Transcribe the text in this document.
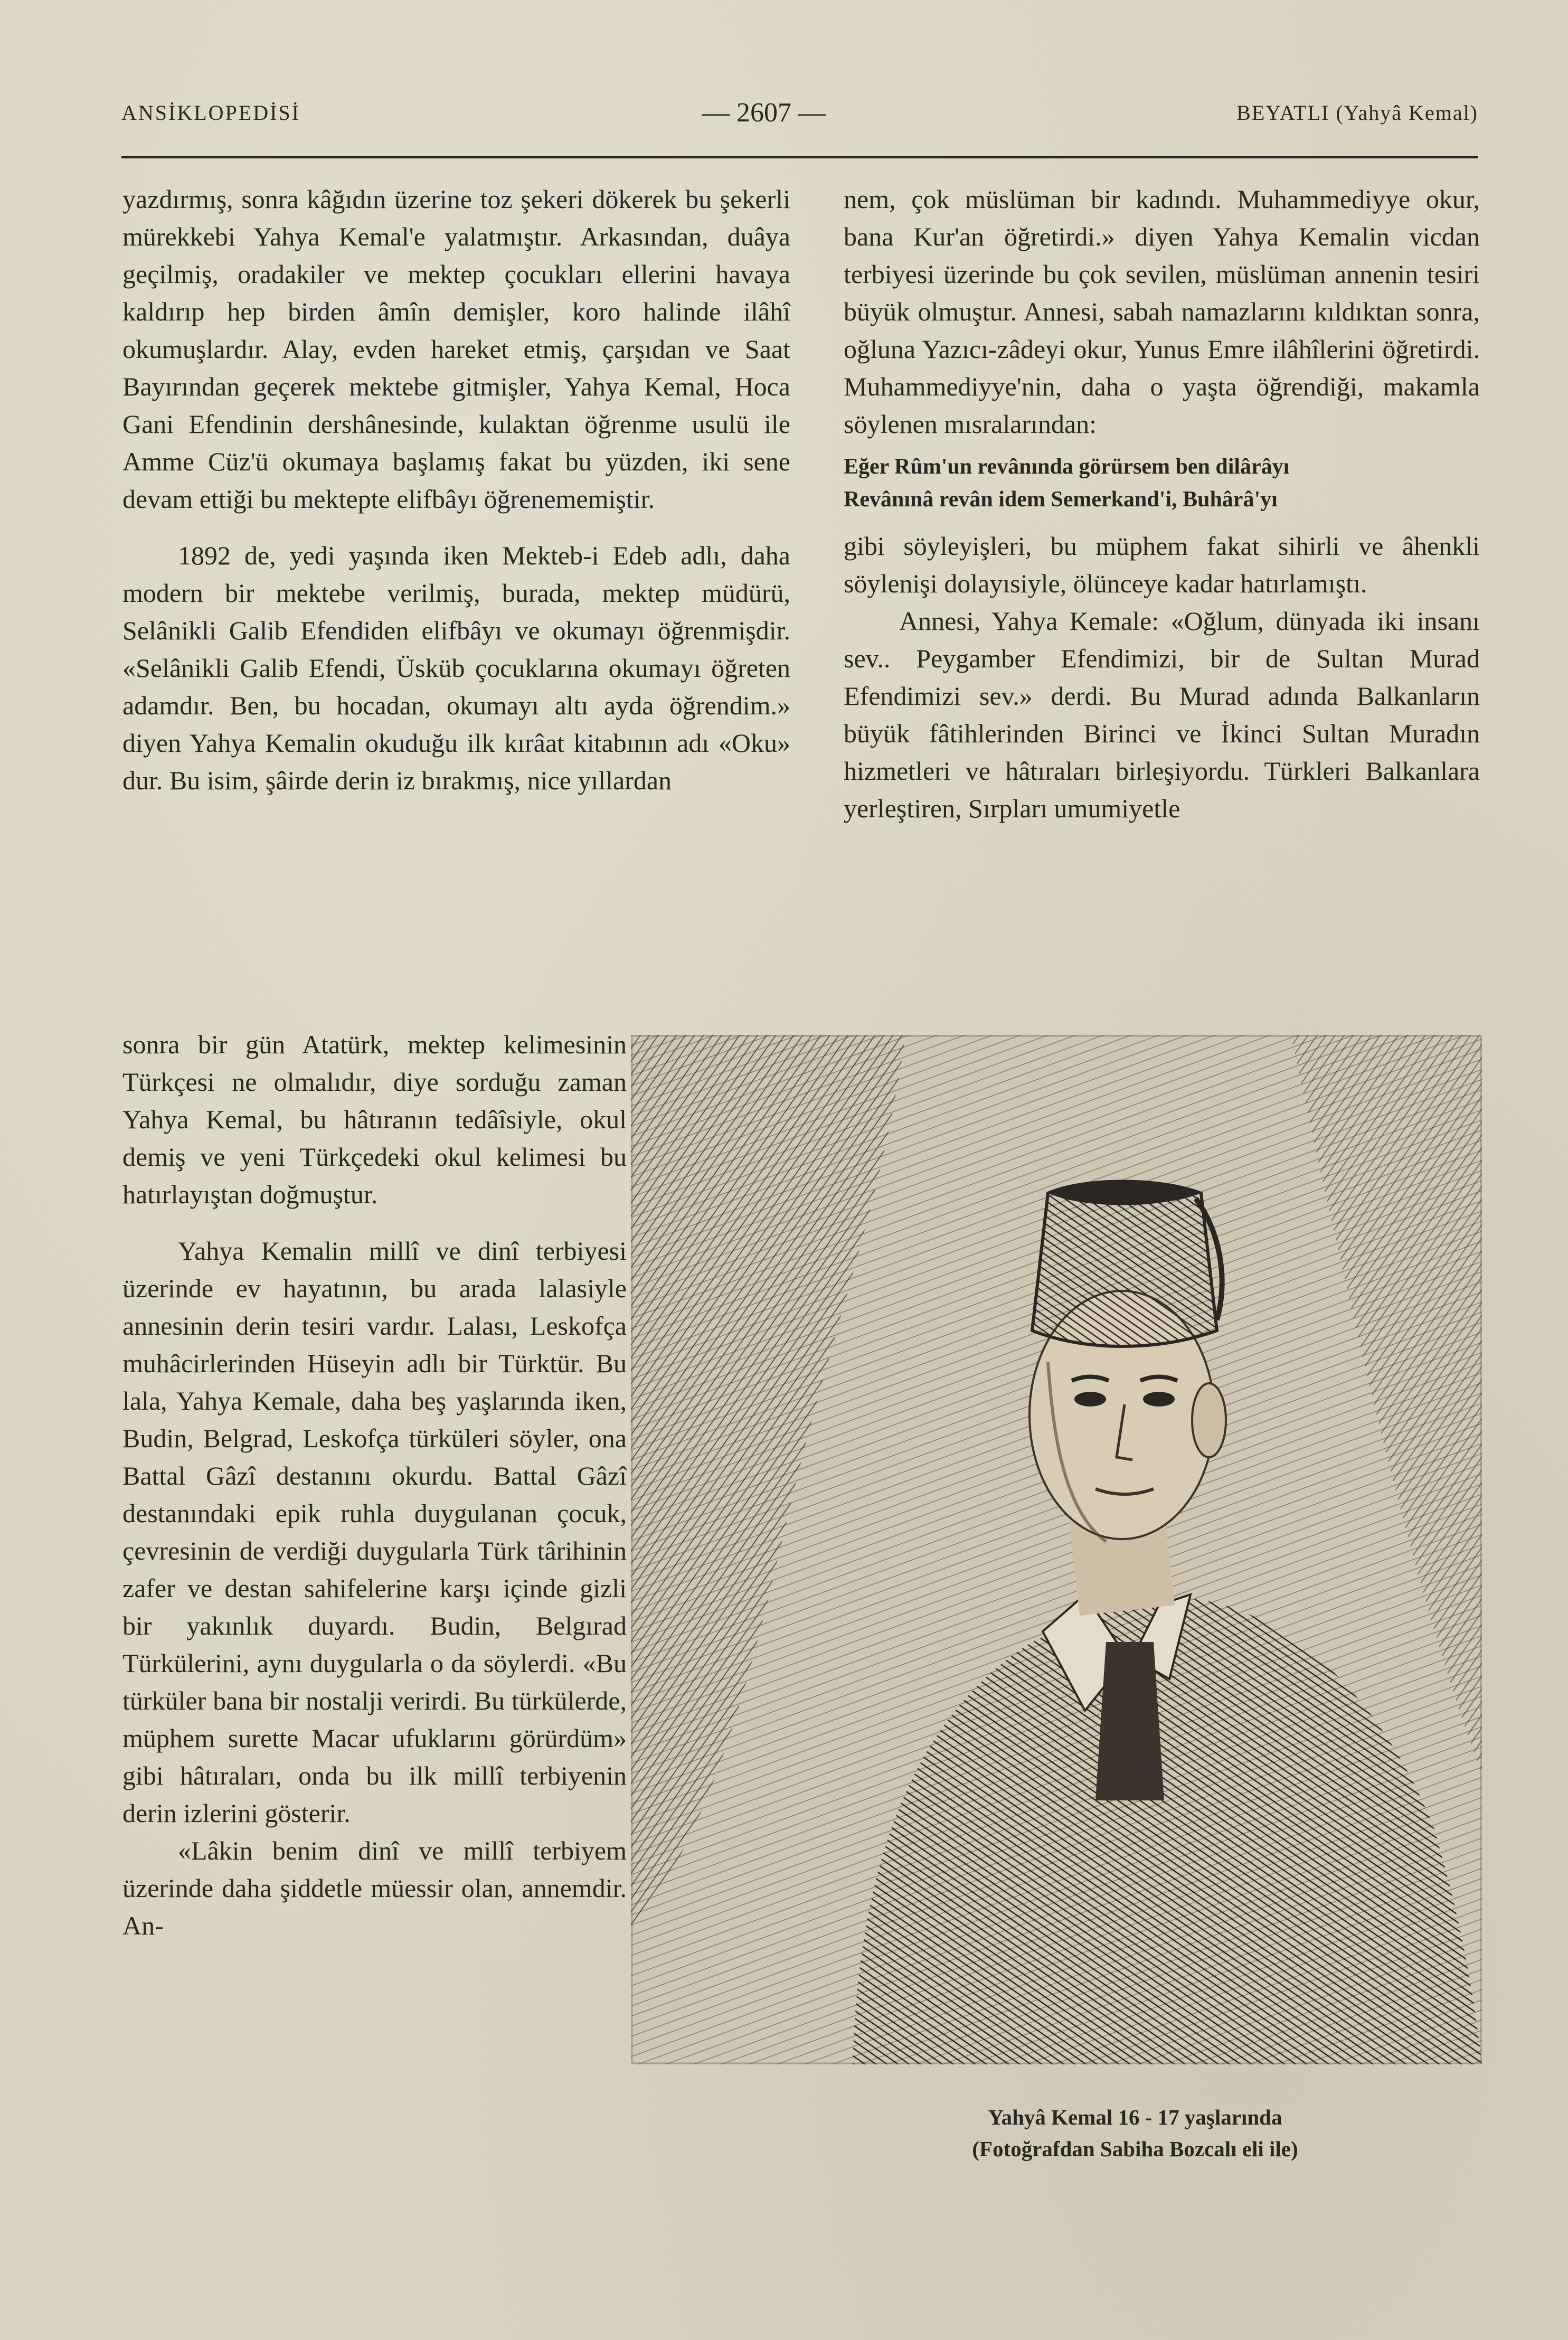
ANSİKLOPEDİSİ	— 2607 —	BEYATLI (Yahyâ Kemal)

yazdırmış, sonra kâğıdın üzerine toz şekeri dökerek bu şekerli mürekkebi Yahya Kemal'e yalatmıştır. Arkasından, duâya geçilmiş, oradakiler ve mektep çocukları ellerini havaya kaldırıp hep birden âmîn demişler, koro halinde ilâhî okumuşlardır. Alay, evden hareket etmiş, çarşıdan ve Saat Bayırından geçerek mektebe gitmişler, Yahya Kemal, Hoca Gani Efendinin dershânesinde, kulaktan öğrenme usulü ile Amme Cüz'ü okumaya başlamış fakat bu yüzden, iki sene devam ettiği bu mektepte elifbâyı öğrenememiştir.

1892 de, yedi yaşında iken Mekteb-i Edeb adlı, daha modern bir mektebe verilmiş, burada, mektep müdürü, Selânikli Galib Efendiden elifbâyı ve okumayı öğrenmişdir. «Selânikli Galib Efendi, Üsküb çocuklarına okumayı öğreten adamdır. Ben, bu hocadan, okumayı altı ayda öğrendim.» diyen Yahya Kemalin okuduğu ilk kırâat kitabının adı «Oku» dur. Bu isim, şâirde derin iz bırakmış, nice yıllardan

sonra bir gün Atatürk, mektep kelimesinin Türkçesi ne olmalıdır, diye sorduğu zaman Yahya Kemal, bu hâtıranın tedâîsiyle, okul demiş ve yeni Türkçedeki okul kelimesi bu hatırlayıştan doğmuştur.

Yahya Kemalin millî ve dinî terbiyesi üzerinde ev hayatının, bu arada lalasiyle annesinin derin tesiri vardır. Lalası, Leskofça muhâcirlerinden Hüseyin adlı bir Türktür. Bu lala, Yahya Kemale, daha beş yaşlarında iken, Budin, Belgrad, Leskofça türküleri söyler, ona Battal Gâzî destanını okurdu. Battal Gâzî destanındaki epik ruhla duygulanan çocuk, çevresinin de verdiği duygularla Türk târihinin zafer ve destan sahifelerine karşı içinde gizli bir yakınlık duyardı. Budin, Belgırad Türkülerini, aynı duygularla o da söylerdi. «Bu türküler bana bir nostalji verirdi. Bu türkülerde, müphem surette Macar ufuklarını görürdüm» gibi hâtıraları, onda bu ilk millî terbiyenin derin izlerini gösterir.

«Lâkin benim dinî ve millî terbiyem üzerinde daha şiddetle müessir olan, annemdir. An-

nem, çok müslüman bir kadındı. Muhammediyye okur, bana Kur'an öğretirdi.» diyen Yahya Kemalin vicdan terbiyesi üzerinde bu çok sevilen, müslüman annenin tesiri büyük olmuştur. Annesi, sabah namazlarını kıldıktan sonra, oğluna Yazıcı-zâdeyi okur, Yunus Emre ilâhîlerini öğretirdi. Muhammediyye'nin, daha o yaşta öğrendiği, makamla söylenen mısralarından:

Eğer Rûm'un revânında görürsem ben dilârâyı
Revânınâ revân idem Semerkand'i, Buhârâ'yı

gibi söyleyişleri, bu müphem fakat sihirli ve âhenkli söylenişi dolayısiyle, ölünceye kadar hatırlamıştı.

Annesi, Yahya Kemale: «Oğlum, dünyada iki insanı sev.. Peygamber Efendimizi, bir de Sultan Murad Efendimizi sev.» derdi. Bu Murad adında Balkanların büyük fâtihlerinden Birinci ve İkinci Sultan Muradın hizmetleri ve hâtıraları birleşiyordu. Türkleri Balkanlara yerleştiren, Sırpları umumiyetle

Yahyâ Kemal 16 - 17 yaşlarında
(Fotoğrafdan Sabiha Bozcalı eli ile)
